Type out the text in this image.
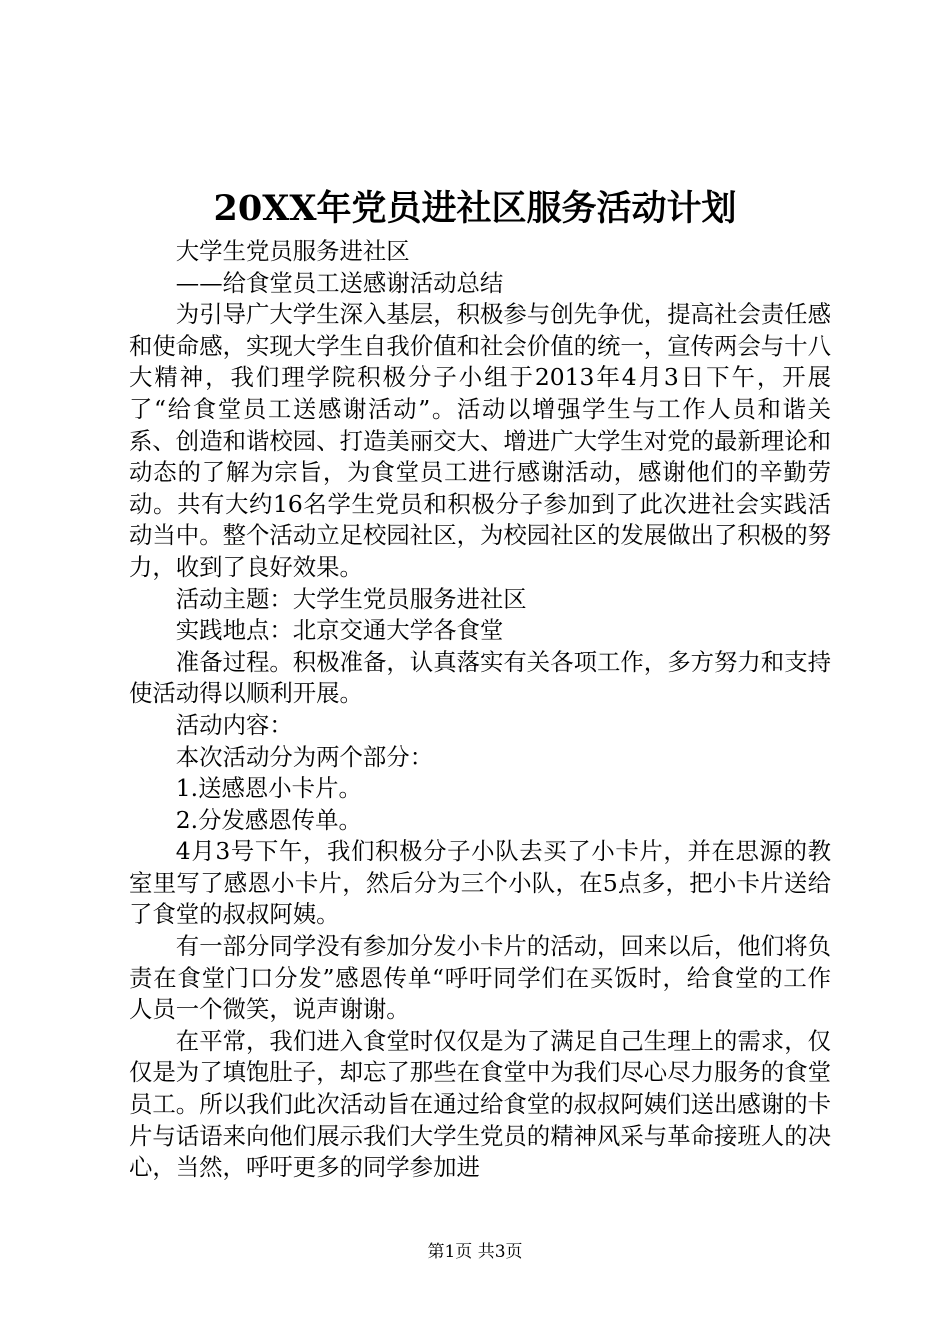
20XX年党员进社区服务活动计划

大学生党员服务进社区

——给食堂员工送感谢活动总结

为引导广大学生深入基层，积极参与创先争优，提高社会责任感和使命感，实现大学生自我价值和社会价值的统一，宣传两会与十八大精神，我们理学院积极分子小组于2013年4月3日下午，开展了“给食堂员工送感谢活动”。活动以增强学生与工作人员和谐关系、创造和谐校园、打造美丽交大、增进广大学生对党的最新理论和动态的了解为宗旨，为食堂员工进行感谢活动，感谢他们的辛勤劳动。共有大约16名学生党员和积极分子参加到了此次进社会实践活动当中。整个活动立足校园社区，为校园社区的发展做出了积极的努力，收到了良好效果。

活动主题：大学生党员服务进社区

实践地点：北京交通大学各食堂

准备过程。积极准备，认真落实有关各项工作，多方努力和支持使活动得以顺利开展。

活动内容：

本次活动分为两个部分：

1.送感恩小卡片。

2.分发感恩传单。

4月3号下午，我们积极分子小队去买了小卡片，并在思源的教室里写了感恩小卡片，然后分为三个小队，在5点多，把小卡片送给了食堂的叔叔阿姨。

有一部分同学没有参加分发小卡片的活动，回来以后，他们将负责在食堂门口分发”感恩传单“呼吁同学们在买饭时，给食堂的工作人员一个微笑，说声谢谢。

在平常，我们进入食堂时仅仅是为了满足自己生理上的需求，仅仅是为了填饱肚子，却忘了那些在食堂中为我们尽心尽力服务的食堂员工。所以我们此次活动旨在通过给食堂的叔叔阿姨们送出感谢的卡片与话语来向他们展示我们大学生党员的精神风采与革命接班人的决心，当然，呼吁更多的同学参加进

第1页 共3页
